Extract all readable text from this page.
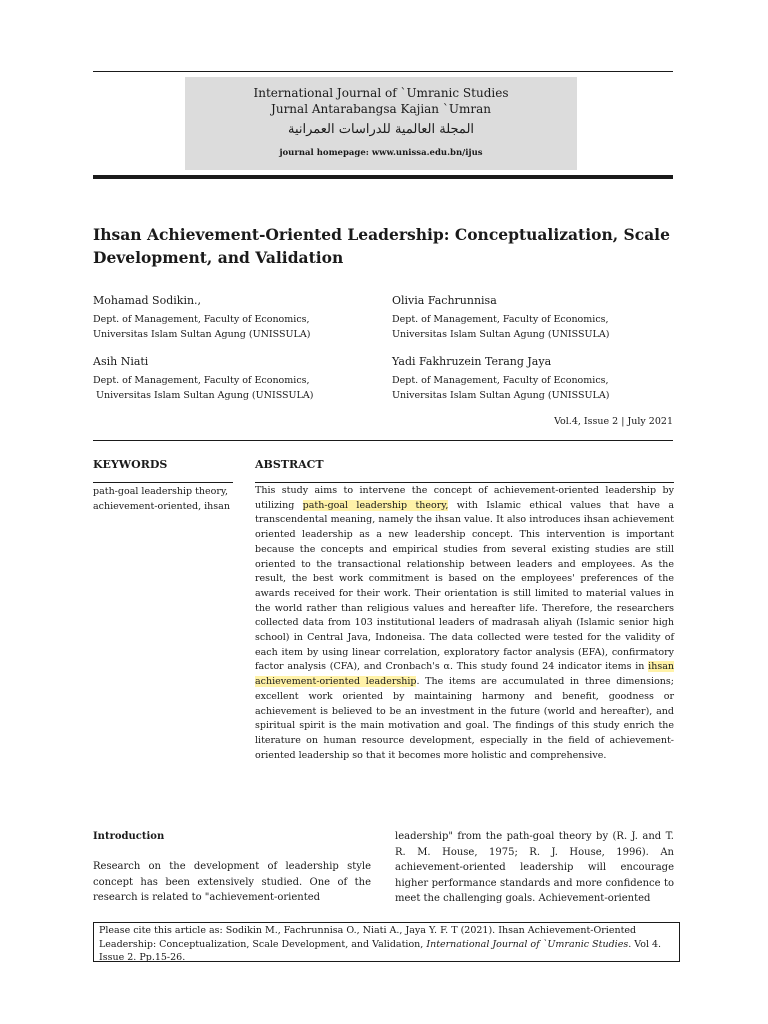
International Journal of `Umranic Studies
Jurnal Antarabangsa Kajian `Umran
المجلة العالمية للدراسات العمرانية
journal homepage: www.unissa.edu.bn/ijus
Ihsan Achievement-Oriented Leadership: Conceptualization, Scale Development, and Validation
Mohamad Sodikin.,
Dept. of Management, Faculty of Economics,
Universitas Islam Sultan Agung (UNISSULA)
Olivia Fachrunnisa
Dept. of Management, Faculty of Economics,
Universitas Islam Sultan Agung (UNISSULA)
Asih Niati
Dept. of Management, Faculty of Economics,
Universitas Islam Sultan Agung (UNISSULA)
Yadi Fakhruzein Terang Jaya
Dept. of Management, Faculty of Economics,
Universitas Islam Sultan Agung (UNISSULA)
Vol.4, Issue 2 | July 2021
KEYWORDS	ABSTRACT
path-goal leadership theory, achievement-oriented, ihsan
This study aims to intervene the concept of achievement-oriented leadership by utilizing path-goal leadership theory, with Islamic ethical values that have a transcendental meaning, namely the ihsan value. It also introduces ihsan achievement oriented leadership as a new leadership concept. This intervention is important because the concepts and empirical studies from several existing studies are still oriented to the transactional relationship between leaders and employees. As the result, the best work commitment is based on the employees' preferences of the awards received for their work. Their orientation is still limited to material values in the world rather than religious values and hereafter life. Therefore, the researchers collected data from 103 institutional leaders of madrasah aliyah (Islamic senior high school) in Central Java, Indoneisa. The data collected were tested for the validity of each item by using linear correlation, exploratory factor analysis (EFA), confirmatory factor analysis (CFA), and Cronbach's α. This study found 24 indicator items in ihsan achievement-oriented leadership. The items are accumulated in three dimensions; excellent work oriented by maintaining harmony and benefit, goodness or achievement is believed to be an investment in the future (world and hereafter), and spiritual spirit is the main motivation and goal. The findings of this study enrich the literature on human resource development, especially in the field of achievement-oriented leadership so that it becomes more holistic and comprehensive.
Introduction
Research on the development of leadership style concept has been extensively studied. One of the research is related to "achievement-oriented
leadership" from the path-goal theory by (R. J. and T. R. M. House, 1975; R. J. House, 1996). An achievement-oriented leadership will encourage higher performance standards and more confidence to meet the challenging goals. Achievement-oriented
Please cite this article as: Sodikin M., Fachrunnisa O., Niati A., Jaya Y. F. T (2021). Ihsan Achievement-Oriented Leadership: Conceptualization, Scale Development, and Validation, International Journal of `Umranic Studies. Vol 4. Issue 2. Pp.15-26.
